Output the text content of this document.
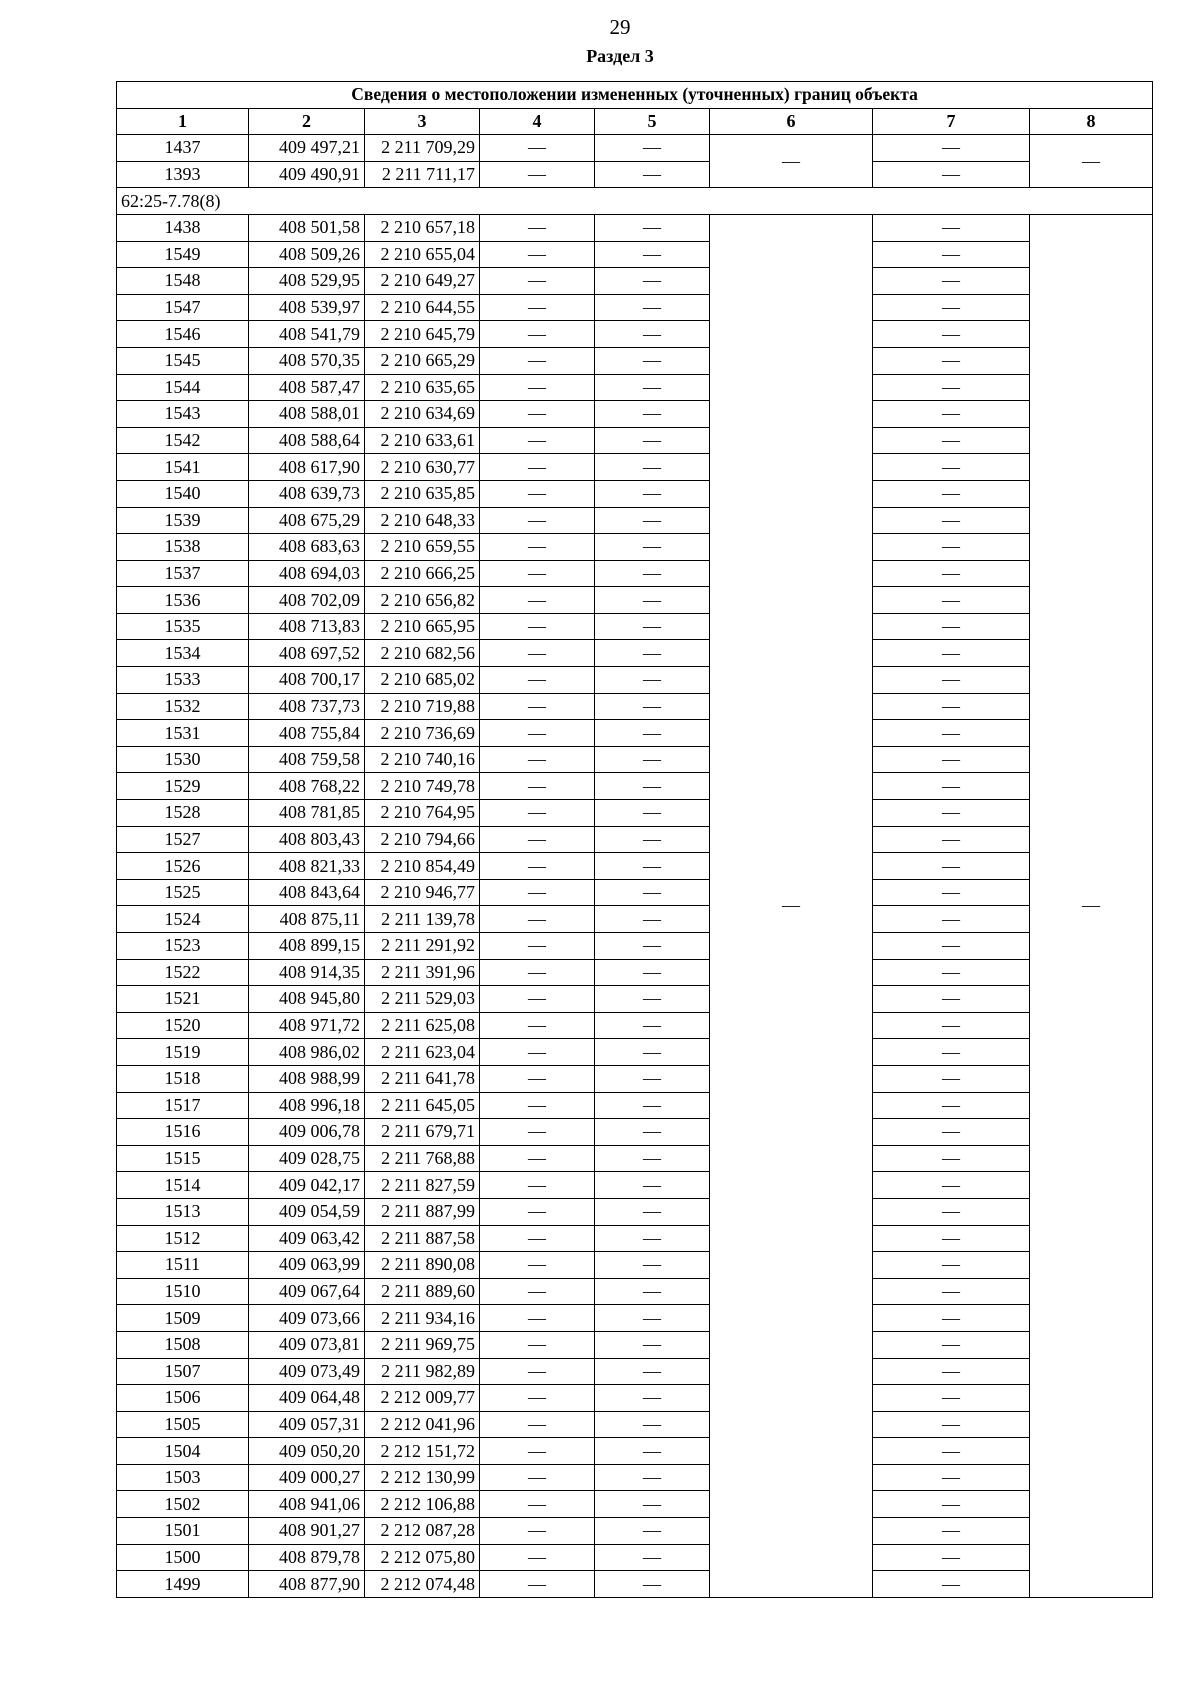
29
Раздел 3
Сведения о местоположении измененных (уточненных) границ объекта							
1	2	3	4	5	6	7	8
1437	409 497,21	2 211 709,29	—	—	—	—	—
1393	409 490,91	2 211 711,17	—	—		—	
62:25-7.78(8)							
1438	408 501,58	2 210 657,18	—	—	—	—	—
1549	408 509,26	2 210 655,04	—	—		—	
1548	408 529,95	2 210 649,27	—	—		—	
1547	408 539,97	2 210 644,55	—	—		—	
1546	408 541,79	2 210 645,79	—	—		—	
1545	408 570,35	2 210 665,29	—	—		—	
1544	408 587,47	2 210 635,65	—	—		—	
1543	408 588,01	2 210 634,69	—	—		—	
1542	408 588,64	2 210 633,61	—	—		—	
1541	408 617,90	2 210 630,77	—	—		—	
1540	408 639,73	2 210 635,85	—	—		—	
1539	408 675,29	2 210 648,33	—	—		—	
1538	408 683,63	2 210 659,55	—	—		—	
1537	408 694,03	2 210 666,25	—	—		—	
1536	408 702,09	2 210 656,82	—	—		—	
1535	408 713,83	2 210 665,95	—	—		—	
1534	408 697,52	2 210 682,56	—	—		—	
1533	408 700,17	2 210 685,02	—	—		—	
1532	408 737,73	2 210 719,88	—	—		—	
1531	408 755,84	2 210 736,69	—	—		—	
1530	408 759,58	2 210 740,16	—	—		—	
1529	408 768,22	2 210 749,78	—	—		—	
1528	408 781,85	2 210 764,95	—	—		—	
1527	408 803,43	2 210 794,66	—	—		—	
1526	408 821,33	2 210 854,49	—	—		—	
1525	408 843,64	2 210 946,77	—	—		—	
1524	408 875,11	2 211 139,78	—	—		—	
1523	408 899,15	2 211 291,92	—	—		—	
1522	408 914,35	2 211 391,96	—	—		—	
1521	408 945,80	2 211 529,03	—	—		—	
1520	408 971,72	2 211 625,08	—	—		—	
1519	408 986,02	2 211 623,04	—	—		—	
1518	408 988,99	2 211 641,78	—	—		—	
1517	408 996,18	2 211 645,05	—	—		—	
1516	409 006,78	2 211 679,71	—	—		—	
1515	409 028,75	2 211 768,88	—	—		—	
1514	409 042,17	2 211 827,59	—	—		—	
1513	409 054,59	2 211 887,99	—	—		—	
1512	409 063,42	2 211 887,58	—	—		—	
1511	409 063,99	2 211 890,08	—	—		—	
1510	409 067,64	2 211 889,60	—	—		—	
1509	409 073,66	2 211 934,16	—	—		—	
1508	409 073,81	2 211 969,75	—	—		—	
1507	409 073,49	2 211 982,89	—	—		—	
1506	409 064,48	2 212 009,77	—	—		—	
1505	409 057,31	2 212 041,96	—	—		—	
1504	409 050,20	2 212 151,72	—	—		—	
1503	409 000,27	2 212 130,99	—	—		—	
1502	408 941,06	2 212 106,88	—	—		—	
1501	408 901,27	2 212 087,28	—	—		—	
1500	408 879,78	2 212 075,80	—	—		—	
1499	408 877,90	2 212 074,48	—	—		—	
